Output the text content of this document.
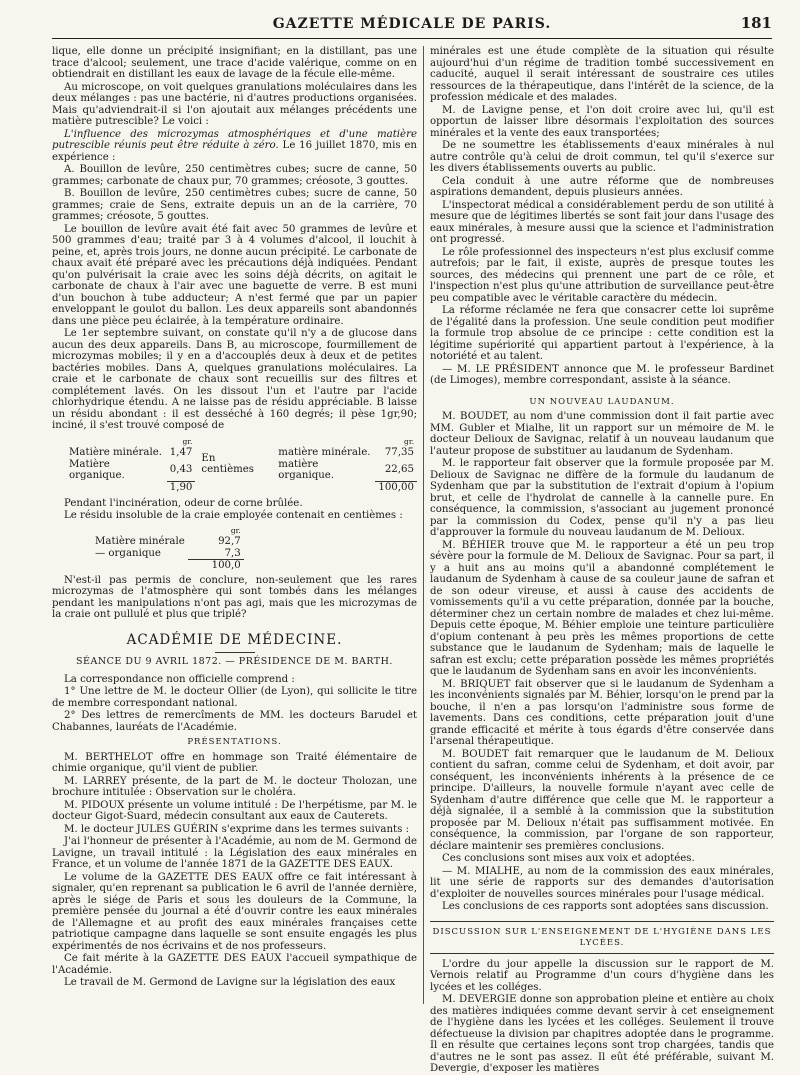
GAZETTE MÉDICALE DE PARIS.	181

lique, elle donne un précipité insignifiant; en la distillant, pas une trace d'alcool; seulement, une trace d'acide valérique, comme on en obtiendrait en distillant les eaux de lavage de la fécule elle-même.

Au microscope, on voit quelques granulations moléculaires dans les deux mélanges : pas une bactérie, ni d'autres productions organisées. Mais qu'adviendrait-il si l'on ajoutait aux mélanges précédents une matière putrescible? Le voici :

L'influence des microzymas atmosphériques et d'une matière putrescible réunis peut être réduite à zéro. Le 16 juillet 1870, mis en expérience :

A. Bouillon de levûre, 250 centimètres cubes; sucre de canne, 50 grammes; carbonate de chaux pur, 70 grammes; créosote, 3 gouttes.

B. Bouillon de levûre, 250 centimètres cubes; sucre de canne, 50 grammes; craie de Sens, extraite depuis un an de la carrière, 70 grammes; créosote, 5 gouttes.

Le bouillon de levûre avait été fait avec 50 grammes de levûre et 500 grammes d'eau; traité par 3 à 4 volumes d'alcool, il louchit à peine, et, après trois jours, ne donne aucun précipité. Le carbonate de chaux avait été préparé avec les précautions déjà indiquées. Pendant qu'on pulvérisait la craie avec les soins déjà décrits, on agitait le carbonate de chaux à l'air avec une baguette de verre. B est muni d'un bouchon à tube adducteur; A n'est fermé que par un papier enveloppant le goulot du ballon. Les deux appareils sont abandonnés dans une pièce peu éclairée, à la température ordinaire.

Le 1er septembre suivant, on constate qu'il n'y a de glucose dans aucun des deux appareils. Dans B, au microscope, fourmillement de microzymas mobiles; il y en a d'accouplés deux à deux et de petites bactéries mobiles. Dans A, quelques granulations moléculaires. La craie et le carbonate de chaux sont recueillis sur des filtres et complétement lavés. On les dissout l'un et l'autre par l'acide chlorhydrique étendu. A ne laisse pas de résidu appréciable. B laisse un résidu abondant : il est desséché à 160 degrés; il pèse 1gr,90; inciné, il s'est trouvé composé de

	gr.			gr.
Matière minérale.	1,47	En centièmes	matière minérale.	77,35
Matière organique.	0,43		matière organique.	22,65
	1,90			100,00

Pendant l'incinération, odeur de corne brûlée.

Le résidu insoluble de la craie employée contenait en centièmes :

	gr.
Matière minérale	92,7
— organique	7,3
	100,0

N'est-il pas permis de conclure, non-seulement que les rares microzymas de l'atmosphère qui sont tombés dans les mélanges pendant les manipulations n'ont pas agi, mais que les microzymas de la craie ont pullulé et plus que triplé?

ACADÉMIE DE MÉDECINE.
SÉANCE DU 9 AVRIL 1872. — PRÉSIDENCE DE M. BARTH.

La correspondance non officielle comprend :

1° Une lettre de M. le docteur Ollier (de Lyon), qui sollicite le titre de membre correspondant national.

2° Des lettres de remercîments de MM. les docteurs Barudel et Chabannes, lauréats de l'Académie.

PRÉSENTATIONS.

M. BERTHELOT offre en hommage son Traité élémentaire de chimie organique, qu'il vient de publier.

M. LARREY présente, de la part de M. le docteur Tholozan, une brochure intitulée : Observation sur le choléra.

M. PIDOUX présente un volume intitulé : De l'herpétisme, par M. le docteur Gigot-Suard, médecin consultant aux eaux de Cauterets.

M. le docteur JULES GUÉRIN s'exprime dans les termes suivants :

J'ai l'honneur de présenter à l'Académie, au nom de M. Germond de Lavigne, un travail intitulé : la Législation des eaux minérales en France, et un volume de l'année 1871 de la GAZETTE DES EAUX.

Le volume de la GAZETTE DES EAUX offre ce fait intéressant à signaler, qu'en reprenant sa publication le 6 avril de l'année dernière, après le siége de Paris et sous les douleurs de la Commune, la première pensée du journal a été d'ouvrir contre les eaux minérales de l'Allemagne et au profit des eaux minérales françaises cette patriotique campagne dans laquelle se sont ensuite engagés les plus expérimentés de nos écrivains et de nos professeurs.

Ce fait mérite à la GAZETTE DES EAUX l'accueil sympathique de l'Académie.

Le travail de M. Germond de Lavigne sur la législation des eaux

minérales est une étude complète de la situation qui résulte aujourd'hui d'un régime de tradition tombé successivement en caducité, auquel il serait intéressant de soustraire ces utiles ressources de la thérapeutique, dans l'intérêt de la science, de la profession médicale et des malades.

M. de Lavigne pense, et l'on doit croire avec lui, qu'il est opportun de laisser libre désormais l'exploitation des sources minérales et la vente des eaux transportées;

De ne soumettre les établissements d'eaux minérales à nul autre contrôle qu'à celui de droit commun, tel qu'il s'exerce sur les divers établissements ouverts au public.

Cela conduit à une autre réforme que de nombreuses aspirations demandent, depuis plusieurs années.

L'inspectorat médical a considérablement perdu de son utilité à mesure que de légitimes libertés se sont fait jour dans l'usage des eaux minérales, à mesure aussi que la science et l'administration ont progressé.

Le rôle professionnel des inspecteurs n'est plus exclusif comme autrefois; par le fait, il existe, auprès de presque toutes les sources, des médecins qui prennent une part de ce rôle, et l'inspection n'est plus qu'une attribution de surveillance peut-être peu compatible avec le véritable caractère du médecin.

La réforme réclamée ne fera que consacrer cette loi suprême de l'égalité dans la profession. Une seule condition peut modifier la formule trop absolue de ce principe : cette condition est la légitime supériorité qui appartient partout à l'expérience, à la notoriété et au talent.

— M. LE PRÉSIDENT annonce que M. le professeur Bardinet (de Limoges), membre correspondant, assiste à la séance.

UN NOUVEAU LAUDANUM.

M. BOUDET, au nom d'une commission dont il fait partie avec MM. Gubler et Mialhe, lit un rapport sur un mémoire de M. le docteur Delioux de Savignac, relatif à un nouveau laudanum que l'auteur propose de substituer au laudanum de Sydenham.

M. le rapporteur fait observer que la formule proposée par M. Delioux de Savignac ne diffère de la formule du laudanum de Sydenham que par la substitution de l'extrait d'opium à l'opium brut, et celle de l'hydrolat de cannelle à la cannelle pure. En conséquence, la commission, s'associant au jugement prononcé par la commission du Codex, pense qu'il n'y a pas lieu d'approuver la formule du nouveau laudanum de M. Delioux.

M. BÉHIER trouve que M. le rapporteur a été un peu trop sévère pour la formule de M. Delioux de Savignac. Pour sa part, il y a huit ans au moins qu'il a abandonné complétement le laudanum de Sydenham à cause de sa couleur jaune de safran et de son odeur vireuse, et aussi à cause des accidents de vomissements qu'il a vu cette préparation, donnée par la bouche, déterminer chez un certain nombre de malades et chez lui-même. Depuis cette époque, M. Béhier emploie une teinture particulière d'opium contenant à peu près les mêmes proportions de cette substance que le laudanum de Sydenham; mais de laquelle le safran est exclu; cette préparation possède les mêmes propriétés que le laudanum de Sydenham sans en avoir les inconvénients.

M. BRIQUET fait observer que si le laudanum de Sydenham a les inconvénients signalés par M. Béhier, lorsqu'on le prend par la bouche, il n'en a pas lorsqu'on l'administre sous forme de lavements. Dans ces conditions, cette préparation jouit d'une grande efficacité et mérite à tous égards d'être conservée dans l'arsenal thérapeutique.

M. BOUDET fait remarquer que le laudanum de M. Delioux contient du safran, comme celui de Sydenham, et doit avoir, par conséquent, les inconvénients inhérents à la présence de ce principe. D'ailleurs, la nouvelle formule n'ayant avec celle de Sydenham d'autre différence que celle que M. le rapporteur a déjà signalée, il a semblé à la commission que la substitution proposée par M. Delioux n'était pas suffisamment motivée. En conséquence, la commission, par l'organe de son rapporteur, déclare maintenir ses premières conclusions.

Ces conclusions sont mises aux voix et adoptées.

— M. MIALHE, au nom de la commission des eaux minérales, lit une série de rapports sur des demandes d'autorisation d'exploiter de nouvelles sources minérales pour l'usage médical.

Les conclusions de ces rapports sont adoptées sans discussion.

DISCUSSION SUR L'ENSEIGNEMENT DE L'HYGIÈNE DANS LES LYCÉES.

L'ordre du jour appelle la discussion sur le rapport de M. Vernois relatif au Programme d'un cours d'hygiène dans les lycées et les colléges.

M. DEVERGIE donne son approbation pleine et entière au choix des matières indiquées comme devant servir à cet enseignement de l'hygiène dans les lycées et les colléges. Seulement il trouve défectueuse la division par chapitres adoptée dans le programme. Il en résulte que certaines leçons sont trop chargées, tandis que d'autres ne le sont pas assez. Il eût été préférable, suivant M. Devergie, d'exposer les matières
